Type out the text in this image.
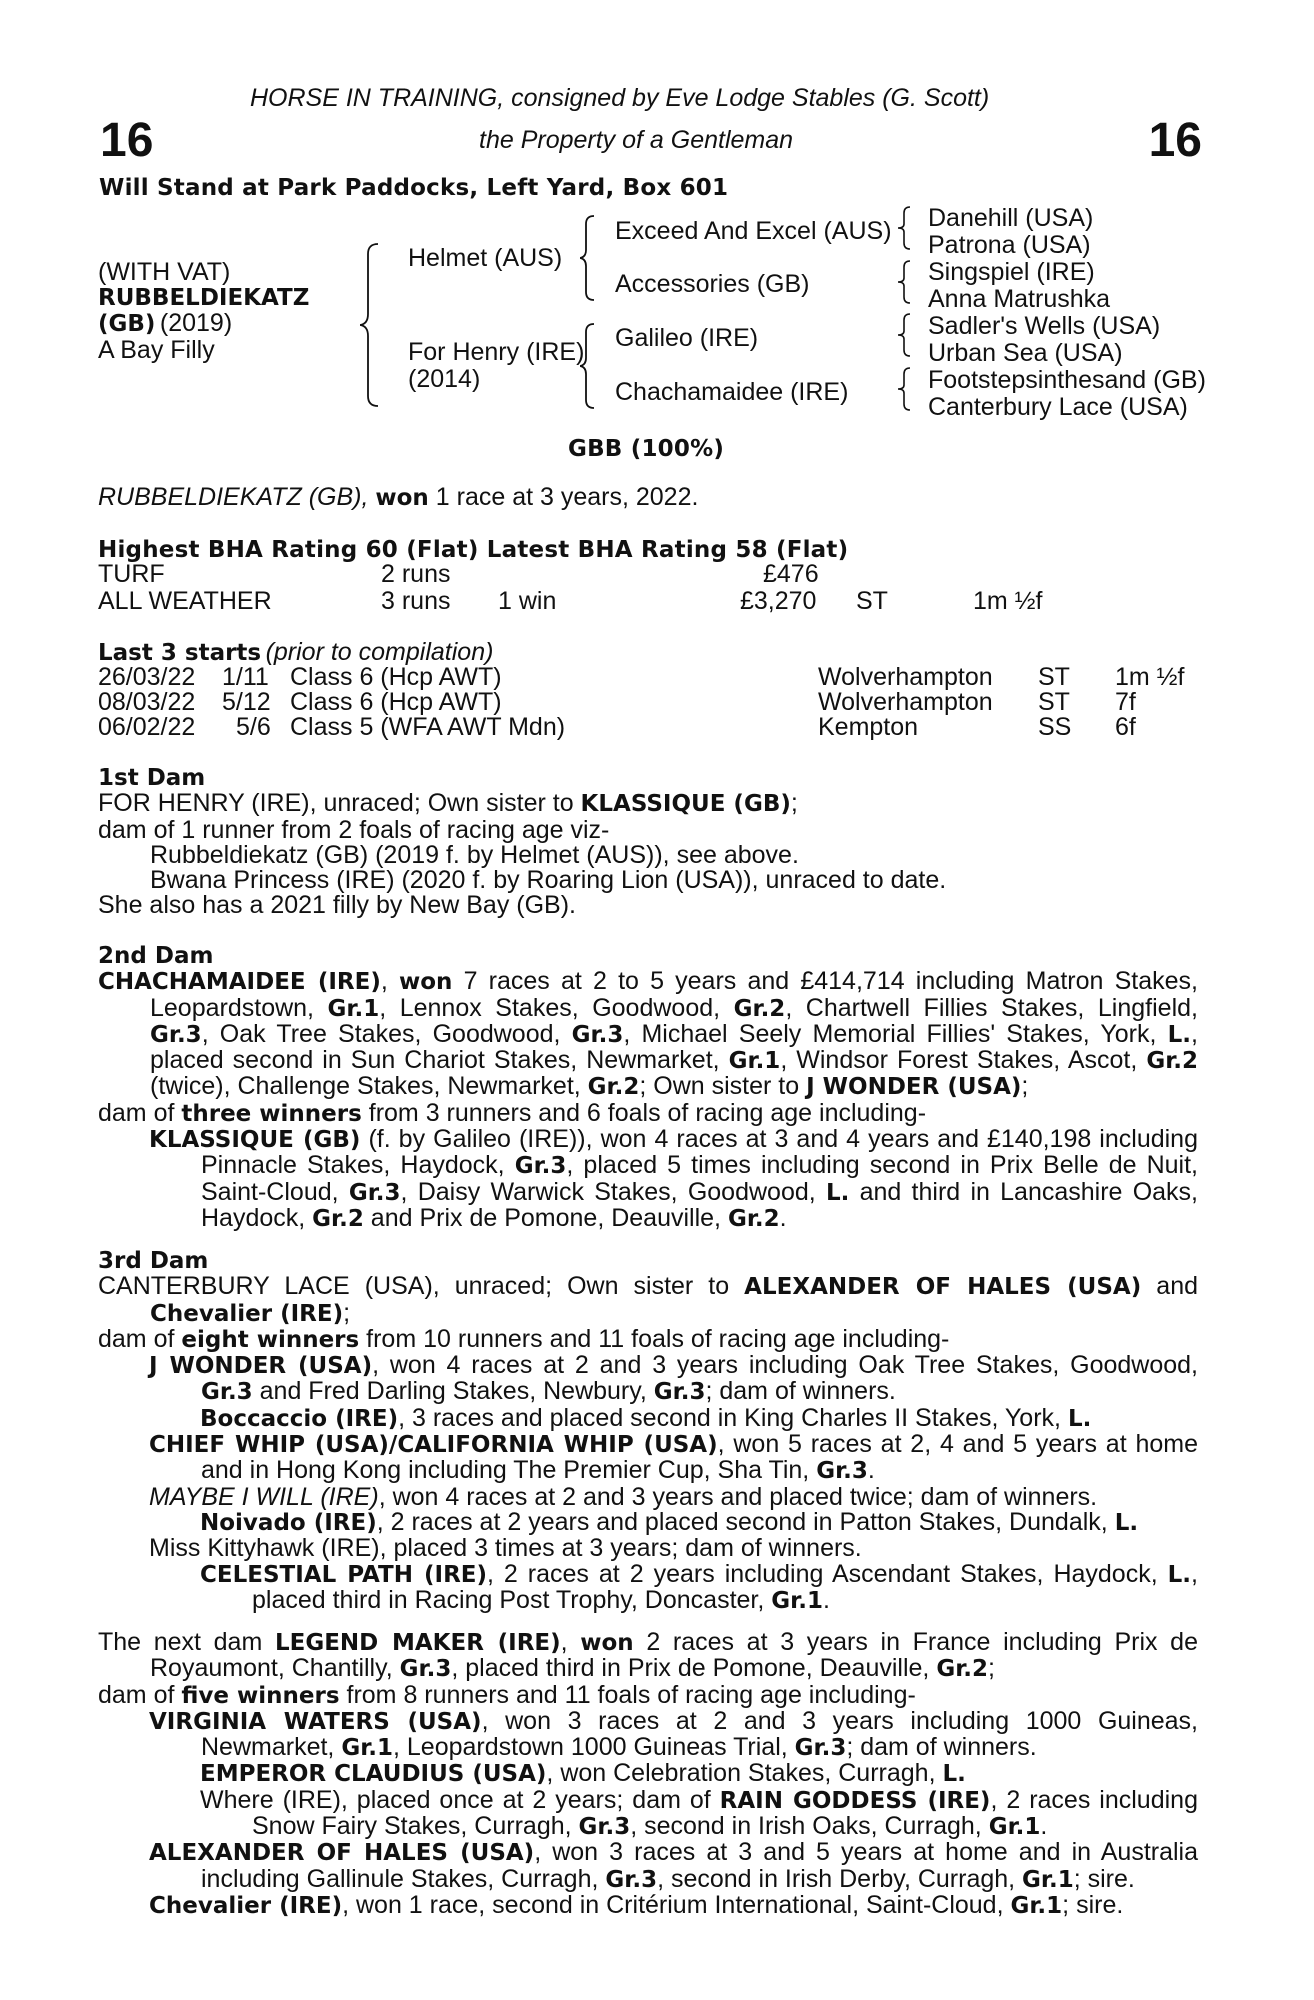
16	16
HORSE IN TRAINING, consigned by Eve Lodge Stables (G. Scott)
the Property of a Gentleman
Will Stand at Park Paddocks, Left Yard, Box 601
(WITH VAT)
RUBBELDIEKATZ
(GB) (2019)
A Bay Filly
Helmet (AUS)
For Henry (IRE)
(2014)
Exceed And Excel (AUS)
Accessories (GB)
Galileo (IRE)
Chachamaidee (IRE)
Danehill (USA)
Patrona (USA)
Singspiel (IRE)
Anna Matrushka
Sadler's Wells (USA)
Urban Sea (USA)
Footstepsinthesand (GB)
Canterbury Lace (USA)
GBB (100%)
RUBBELDIEKATZ (GB), won 1 race at 3 years, 2022.
Highest BHA Rating 60 (Flat) Latest BHA Rating 58 (Flat)
TURF	2 runs	£476
ALL WEATHER	3 runs 1 win	£3,270 ST	1m ½f
Last 3 starts (prior to compilation)
26/03/22 1/11 Class 6 (Hcp AWT)	Wolverhampton ST 1m ½f
08/03/22 5/12 Class 6 (Hcp AWT)	Wolverhampton ST 7f
06/02/22 5/6 Class 5 (WFA AWT Mdn)	Kempton	SS 6f

1st Dam

FOR HENRY (IRE), unraced; Own sister to KLASSIQUE (GB);

dam of 1 runner from 2 foals of racing age viz-

Rubbeldiekatz (GB) (2019 f. by Helmet (AUS)), see above.

Bwana Princess (IRE) (2020 f. by Roaring Lion (USA)), unraced to date.

She also has a 2021 filly by New Bay (GB).

2nd Dam

CHACHAMAIDEE (IRE), won 7 races at 2 to 5 years and £414,714 including Matron Stakes, Leopardstown, Gr.1, Lennox Stakes, Goodwood, Gr.2, Chartwell Fillies Stakes, Lingfield, Gr.3, Oak Tree Stakes, Goodwood, Gr.3, Michael Seely Memorial Fillies' Stakes, York, L., placed second in Sun Chariot Stakes, Newmarket, Gr.1, Windsor Forest Stakes, Ascot, Gr.2 (twice), Challenge Stakes, Newmarket, Gr.2; Own sister to J WONDER (USA);

dam of three winners from 3 runners and 6 foals of racing age including-

KLASSIQUE (GB) (f. by Galileo (IRE)), won 4 races at 3 and 4 years and £140,198 including Pinnacle Stakes, Haydock, Gr.3, placed 5 times including second in Prix Belle de Nuit, Saint-Cloud, Gr.3, Daisy Warwick Stakes, Goodwood, L. and third in Lancashire Oaks, Haydock, Gr.2 and Prix de Pomone, Deauville, Gr.2.

3rd Dam

CANTERBURY LACE (USA), unraced; Own sister to ALEXANDER OF HALES (USA) and Chevalier (IRE);

dam of eight winners from 10 runners and 11 foals of racing age including-

J WONDER (USA), won 4 races at 2 and 3 years including Oak Tree Stakes, Goodwood, Gr.3 and Fred Darling Stakes, Newbury, Gr.3; dam of winners.

Boccaccio (IRE), 3 races and placed second in King Charles II Stakes, York, L.

CHIEF WHIP (USA)/CALIFORNIA WHIP (USA), won 5 races at 2, 4 and 5 years at home and in Hong Kong including The Premier Cup, Sha Tin, Gr.3.

MAYBE I WILL (IRE), won 4 races at 2 and 3 years and placed twice; dam of winners.

Noivado (IRE), 2 races at 2 years and placed second in Patton Stakes, Dundalk, L.

Miss Kittyhawk (IRE), placed 3 times at 3 years; dam of winners.

CELESTIAL PATH (IRE), 2 races at 2 years including Ascendant Stakes, Haydock, L., placed third in Racing Post Trophy, Doncaster, Gr.1.

The next dam LEGEND MAKER (IRE), won 2 races at 3 years in France including Prix de Royaumont, Chantilly, Gr.3, placed third in Prix de Pomone, Deauville, Gr.2;

dam of five winners from 8 runners and 11 foals of racing age including-

VIRGINIA WATERS (USA), won 3 races at 2 and 3 years including 1000 Guineas, Newmarket, Gr.1, Leopardstown 1000 Guineas Trial, Gr.3; dam of winners.

EMPEROR CLAUDIUS (USA), won Celebration Stakes, Curragh, L.

Where (IRE), placed once at 2 years; dam of RAIN GODDESS (IRE), 2 races including Snow Fairy Stakes, Curragh, Gr.3, second in Irish Oaks, Curragh, Gr.1.

ALEXANDER OF HALES (USA), won 3 races at 3 and 5 years at home and in Australia including Gallinule Stakes, Curragh, Gr.3, second in Irish Derby, Curragh, Gr.1; sire.

Chevalier (IRE), won 1 race, second in Critérium International, Saint-Cloud, Gr.1; sire.
